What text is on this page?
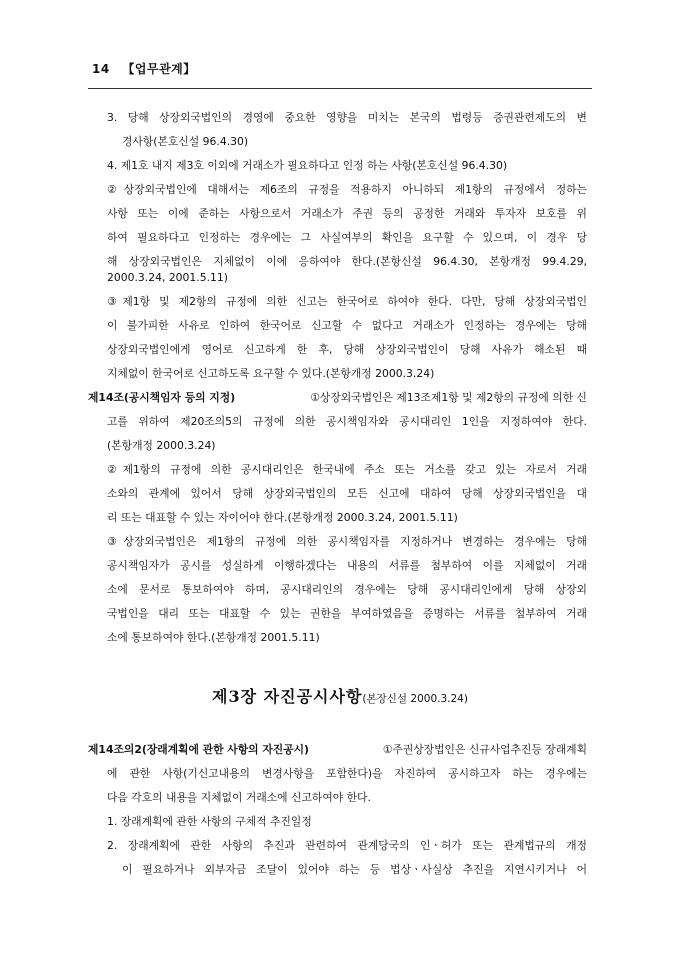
14 【업무관계】
3. 당해 상장외국법인의 경영에 중요한 영향을 미치는 본국의 법령등 증권관련제도의 변
경사항(본호신설 96.4.30)
4. 제1호 내지 제3호 이외에 거래소가 필요하다고 인정 하는 사항(본호신설 96.4.30)
②상장외국법인에 대해서는 제6조의 규정을 적용하지 아니하되 제1항의 규정에서 정하는
사항 또는 이에 준하는 사항으로서 거래소가 주권 등의 공정한 거래와 투자자 보호를 위
하여 필요하다고 인정하는 경우에는 그 사실여부의 확인을 요구할 수 있으며, 이 경우 당
해 상장외국법인은 지체없이 이에 응하여야 한다.(본항신설 96.4.30, 본항개정 99.4.29,
2000.3.24, 2001.5.11)
③제1항 및 제2항의 규정에 의한 신고는 한국어로 하여야 한다. 다만, 당해 상장외국법인
이 불가피한 사유로 인하여 한국어로 신고할 수 없다고 거래소가 인정하는 경우에는 당해
상장외국법인에게 영어로 신고하게 한 후, 당해 상장외국법인이 당해 사유가 해소된 때
지체없이 한국어로 신고하도록 요구할 수 있다.(본항개정 2000.3.24)
제14조(공시책임자 등의 지정)	①상장외국법인은 제13조제1항 및 제2항의 규정에 의한 신
고를 위하여 제20조의5의 규정에 의한 공시책임자와 공시대리인 1인을 지정하여야 한다.
(본항개정 2000.3.24)
②제1항의 규정에 의한 공시대리인은 한국내에 주소 또는 거소를 갖고 있는 자로서 거래
소와의 관계에 있어서 당해 상장외국법인의 모든 신고에 대하여 당해 상장외국법인을 대
리 또는 대표할 수 있는 자이어야 한다.(본항개정 2000.3.24, 2001.5.11)
③상장외국법인은 제1항의 규정에 의한 공시책임자를 지정하거나 변경하는 경우에는 당해
공시책임자가 공시를 성실하게 이행하겠다는 내용의 서류를 첨부하여 이를 지체없이 거래
소에 문서로 통보하여야 하며, 공시대리인의 경우에는 당해 공시대리인에게 당해 상장외
국법인을 대리 또는 대표할 수 있는 권한을 부여하였음을 증명하는 서류를 첨부하여 거래
소에 통보하여야 한다.(본항개정 2001.5.11)
제3장 자진공시사항(본장신설 2000.3.24)
제14조의2(장래계획에 관한 사항의 자진공시)	①주권상장법인은 신규사업추진등 장래계획
에 관한 사항(기신고내용의 변경사항을 포함한다)을 자진하여 공시하고자 하는 경우에는
다음 각호의 내용을 지체없이 거래소에 신고하여야 한다.
1. 장래계획에 관한 사항의 구체적 추진일정
2. 장래계획에 관한 사항의 추진과 관련하여 관계당국의 인ㆍ허가 또는 관계법규의 개정
이 필요하거나 외부자금 조달이 있어야 하는 등 법상ㆍ사실상 추진을 지연시키거나 어
